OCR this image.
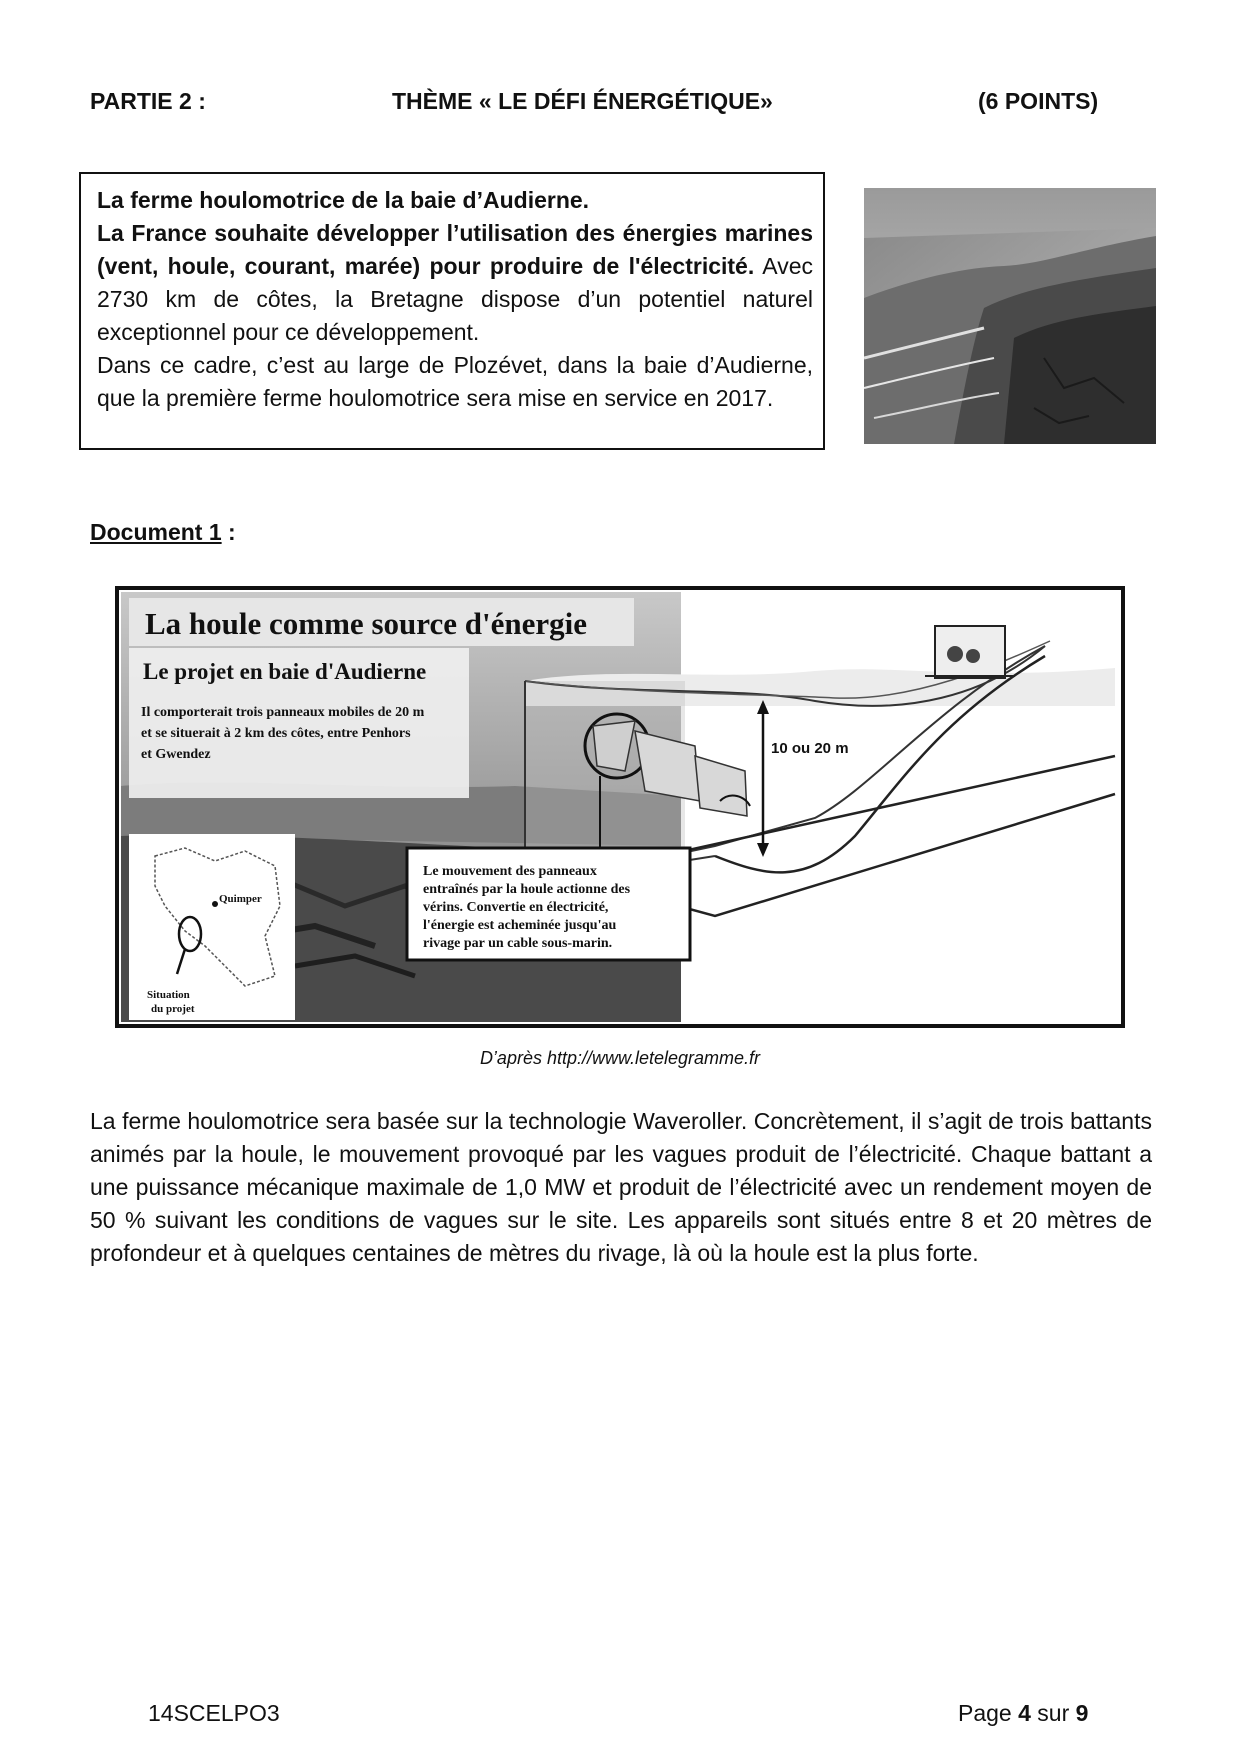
PARTIE 2 :	THÈME « LE DÉFI ÉNERGÉTIQUE»	(6 POINTS)
La ferme houlomotrice de la baie d’Audierne.
La France souhaite développer l’utilisation des énergies marines (vent, houle, courant, marée) pour produire de l'électricité. Avec 2730 km de côtes, la Bretagne dispose d’un potentiel naturel exceptionnel pour ce développement.
Dans ce cadre, c’est au large de Plozévet, dans la baie d’Audierne, que la première ferme houlomotrice sera mise en service en 2017.
Document 1 :
La houle comme source d'énergie
Le projet en baie d'Audierne
Il comporterait trois panneaux mobiles de 20 m
et se situerait à 2 km des côtes, entre Penhors
et Gwendez
Quimper
Situation
du projet
10 ou 20 m
Le mouvement des panneaux
entraînés par la houle actionne des
vérins. Convertie en électricité,
l'énergie est acheminée jusqu'au
rivage par un cable sous-marin.
D’après http://www.letelegramme.fr
La ferme houlomotrice sera basée sur la technologie Waveroller. Concrètement, il s’agit de trois battants animés par la houle, le mouvement provoqué par les vagues produit de l’électricité. Chaque battant a une puissance mécanique maximale de 1,0 MW et produit de l’électricité avec un rendement moyen de 50 % suivant les conditions de vagues sur le site. Les appareils sont situés entre 8 et 20 mètres de profondeur et à quelques centaines de mètres du rivage, là où la houle est la plus forte.
14SCELPO3	Page 4 sur 9
